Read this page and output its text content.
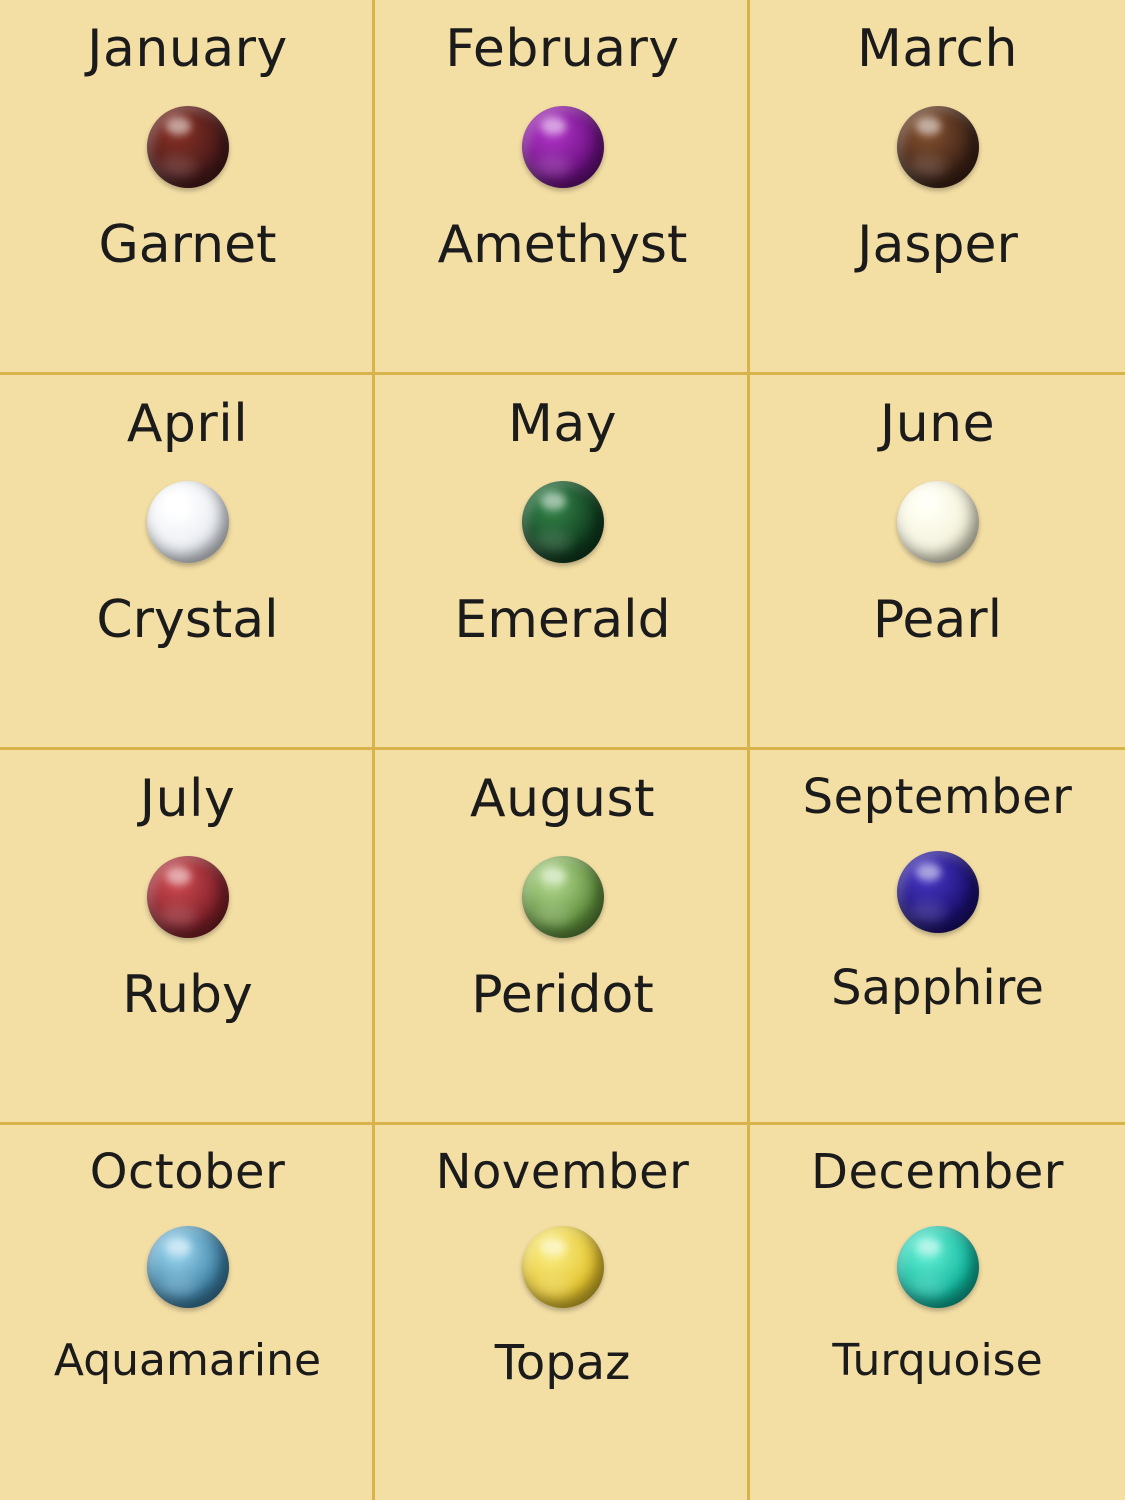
January
Garnet
February
Amethyst
March
Jasper
April
Crystal
May
Emerald
June
Pearl
July
Ruby
August
Peridot
September
Sapphire
October
Aquamarine
November
Topaz
December
Turquoise
